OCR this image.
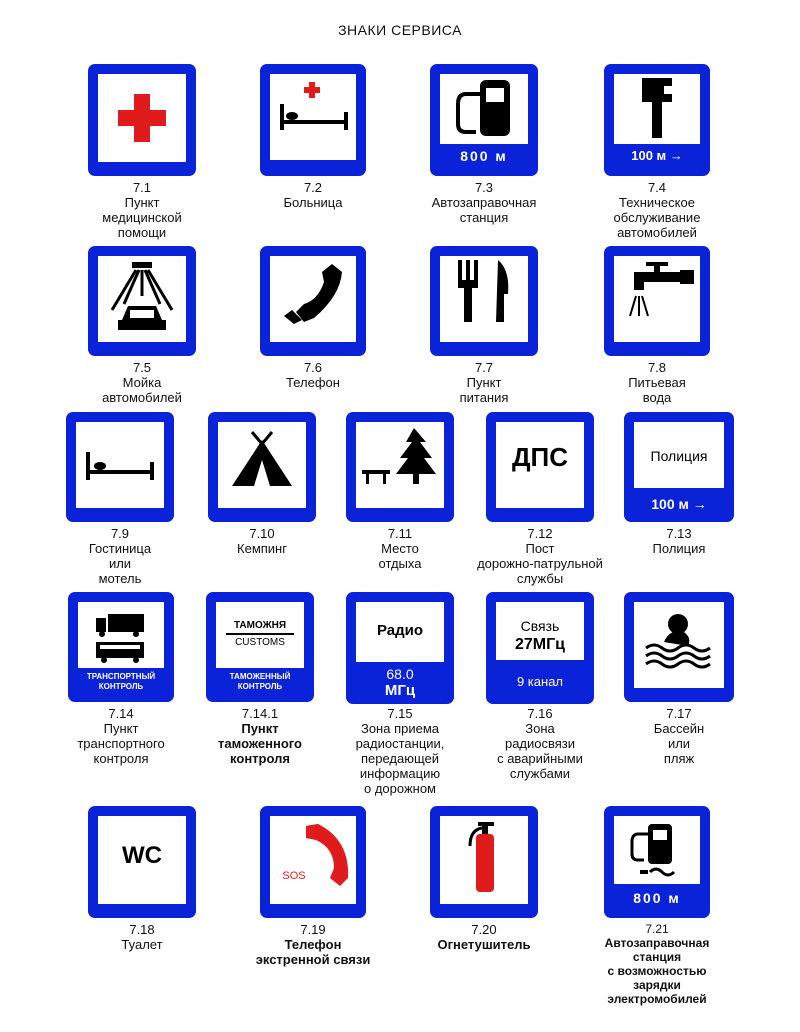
ЗНАКИ СЕРВИСА
7.1
Пункт
медицинской
помощи
7.2
Больница
800 м
7.3
Автозаправочная
станция
100 м →
7.4
Техническое
обслуживание
автомобилей
7.5
Мойка
автомобилей
7.6
Телефон
7.7
Пункт
питания
7.8
Питьевая
вода
7.9
Гостиница
или
мотель
7.10
Кемпинг
7.11
Место
отдыха
ДПС
7.12
Пост
дорожно-патрульной
службы
Полиция
100 м →
7.13
Полиция
ТРАНСПОРТНЫЙ
КОНТРОЛЬ
7.14
Пункт
транспортного
контроля
ТАМОЖНЯ
CUSTOMS
ТАМОЖЕННЫЙ
КОНТРОЛЬ
7.14.1
Пункт
таможенного
контроля
Радио
68.0
МГц
7.15
Зона приема
радиостанции,
передающей
информацию
о дорожном
Связь
27МГц
9 канал
7.16
Зона
радиосвязи
с аварийными
службами
7.17
Бассейн
или
пляж
WC
7.18
Туалет
SOS
7.19
Телефон
экстренной связи
7.20
Огнетушитель
800 м
7.21
Автозаправочная
станция
с возможностью
зарядки
электромобилей
